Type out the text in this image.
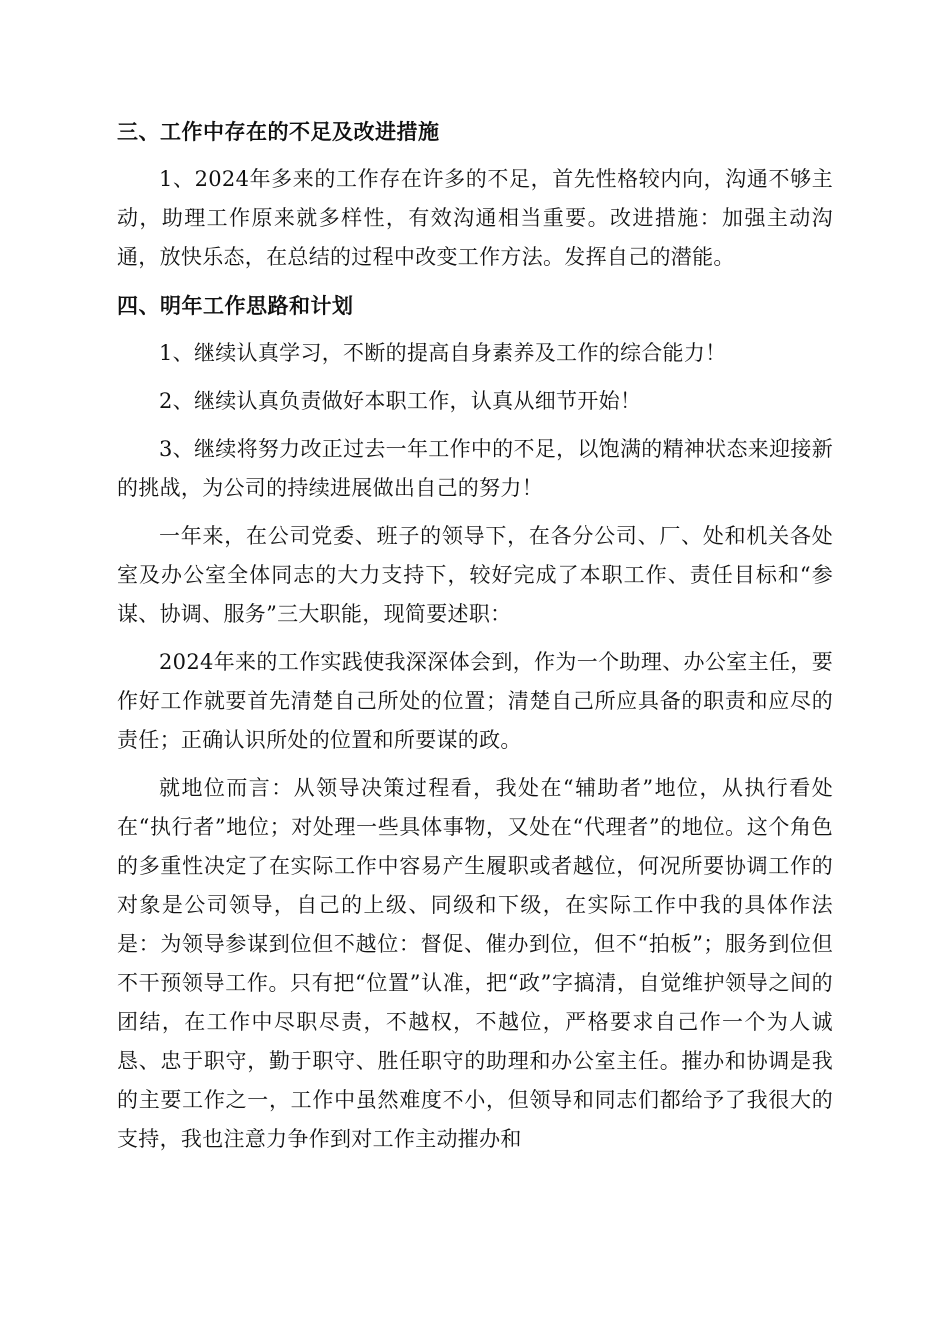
三、工作中存在的不足及改进措施

1、2024年多来的工作存在许多的不足，首先性格较内向，沟通不够主动，助理工作原来就多样性，有效沟通相当重要。改进措施：加强主动沟通，放快乐态，在总结的过程中改变工作方法。发挥自己的潜能。

四、明年工作思路和计划

1、继续认真学习，不断的提高自身素养及工作的综合能力！

2、继续认真负责做好本职工作，认真从细节开始！

3、继续将努力改正过去一年工作中的不足，以饱满的精神状态来迎接新的挑战，为公司的持续进展做出自己的努力！

一年来，在公司党委、班子的领导下，在各分公司、厂、处和机关各处室及办公室全体同志的大力支持下，较好完成了本职工作、责任目标和“参谋、协调、服务”三大职能，现简要述职：

2024年来的工作实践使我深深体会到，作为一个助理、办公室主任，要作好工作就要首先清楚自己所处的位置；清楚自己所应具备的职责和应尽的责任；正确认识所处的位置和所要谋的政。

就地位而言：从领导决策过程看，我处在“辅助者”地位，从执行看处在“执行者”地位；对处理一些具体事物，又处在“代理者”的地位。这个角色的多重性决定了在实际工作中容易产生履职或者越位，何况所要协调工作的对象是公司领导，自己的上级、同级和下级，在实际工作中我的具体作法是：为领导参谋到位但不越位：督促、催办到位，但不“拍板”；服务到位但不干预领导工作。只有把“位置”认准，把“政”字搞清，自觉维护领导之间的团结，在工作中尽职尽责，不越权，不越位，严格要求自己作一个为人诚恳、忠于职守，勤于职守、胜任职守的助理和办公室主任。摧办和协调是我的主要工作之一，工作中虽然难度不小，但领导和同志们都给予了我很大的支持，我也注意力争作到对工作主动摧办和
